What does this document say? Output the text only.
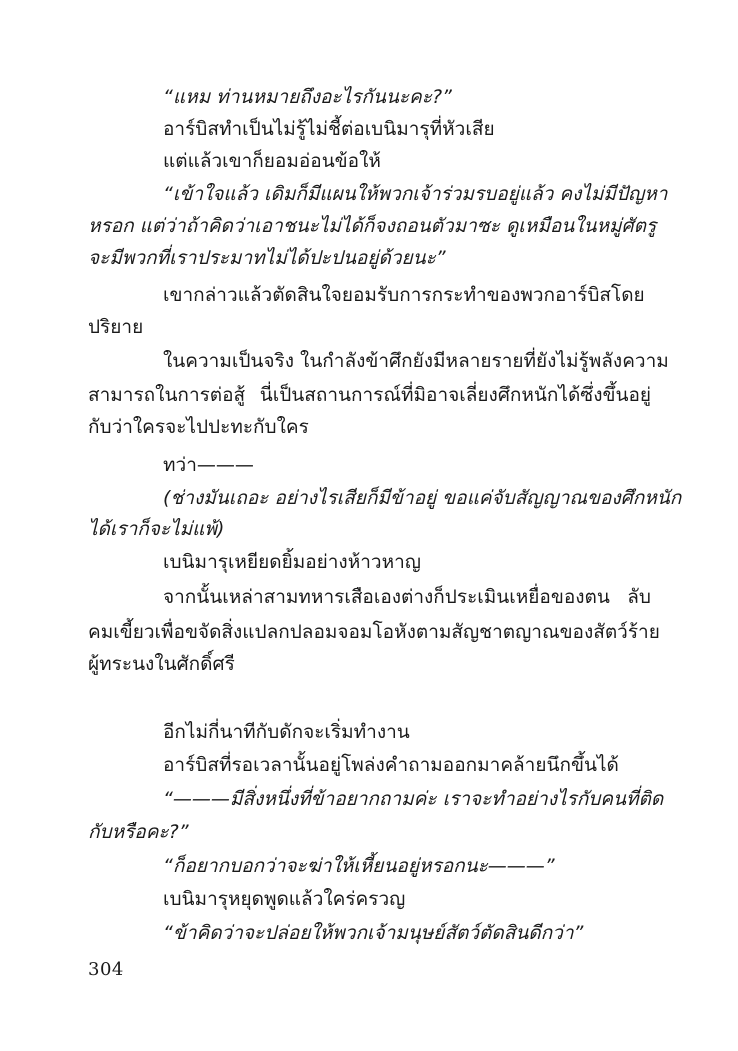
“แหม ท่านหมายถึงอะไรกันนะคะ?”
อาร์บิสทำเป็นไม่รู้ไม่ชี้ต่อเบนิมารุที่หัวเสีย
แต่แล้วเขาก็ยอมอ่อนข้อให้
“เข้าใจแล้ว เดิมก็มีแผนให้พวกเจ้าร่วมรบอยู่แล้ว คงไม่มีปัญหา
หรอก แต่ว่าถ้าคิดว่าเอาชนะไม่ได้ก็จงถอนตัวมาซะ ดูเหมือนในหมู่ศัตรู
จะมีพวกที่เราประมาทไม่ได้ปะปนอยู่ด้วยนะ”
เขากล่าวแล้วตัดสินใจยอมรับการกระทำของพวกอาร์บิสโดย
ปริยาย
ในความเป็นจริง ในกำลังข้าศึกยังมีหลายรายที่ยังไม่รู้พลังความ
สามารถในการต่อสู้ นี่เป็นสถานการณ์ที่มิอาจเลี่ยงศึกหนักได้ซึ่งขึ้นอยู่
กับว่าใครจะไปปะทะกับใคร
ทว่า———
(ช่างมันเถอะ อย่างไรเสียก็มีข้าอยู่ ขอแค่จับสัญญาณของศึกหนัก
ได้เราก็จะไม่แพ้)
เบนิมารุเหยียดยิ้มอย่างห้าวหาญ
จากนั้นเหล่าสามทหารเสือเองต่างก็ประเมินเหยื่อของตน ลับ
คมเขี้ยวเพื่อขจัดสิ่งแปลกปลอมจอมโอหังตามสัญชาตญาณของสัตว์ร้าย
ผู้ทระนงในศักดิ์ศรี
อีกไม่กี่นาทีกับดักจะเริ่มทำงาน
อาร์บิสที่รอเวลานั้นอยู่โพล่งคำถามออกมาคล้ายนึกขึ้นได้
“———มีสิ่งหนึ่งที่ข้าอยากถามค่ะ เราจะทำอย่างไรกับคนที่ติด
กับหรือคะ?”
“ก็อยากบอกว่าจะฆ่าให้เหี้ยนอยู่หรอกนะ———”
เบนิมารุหยุดพูดแล้วใคร่ครวญ
“ข้าคิดว่าจะปล่อยให้พวกเจ้ามนุษย์สัตว์ตัดสินดีกว่า”
304
